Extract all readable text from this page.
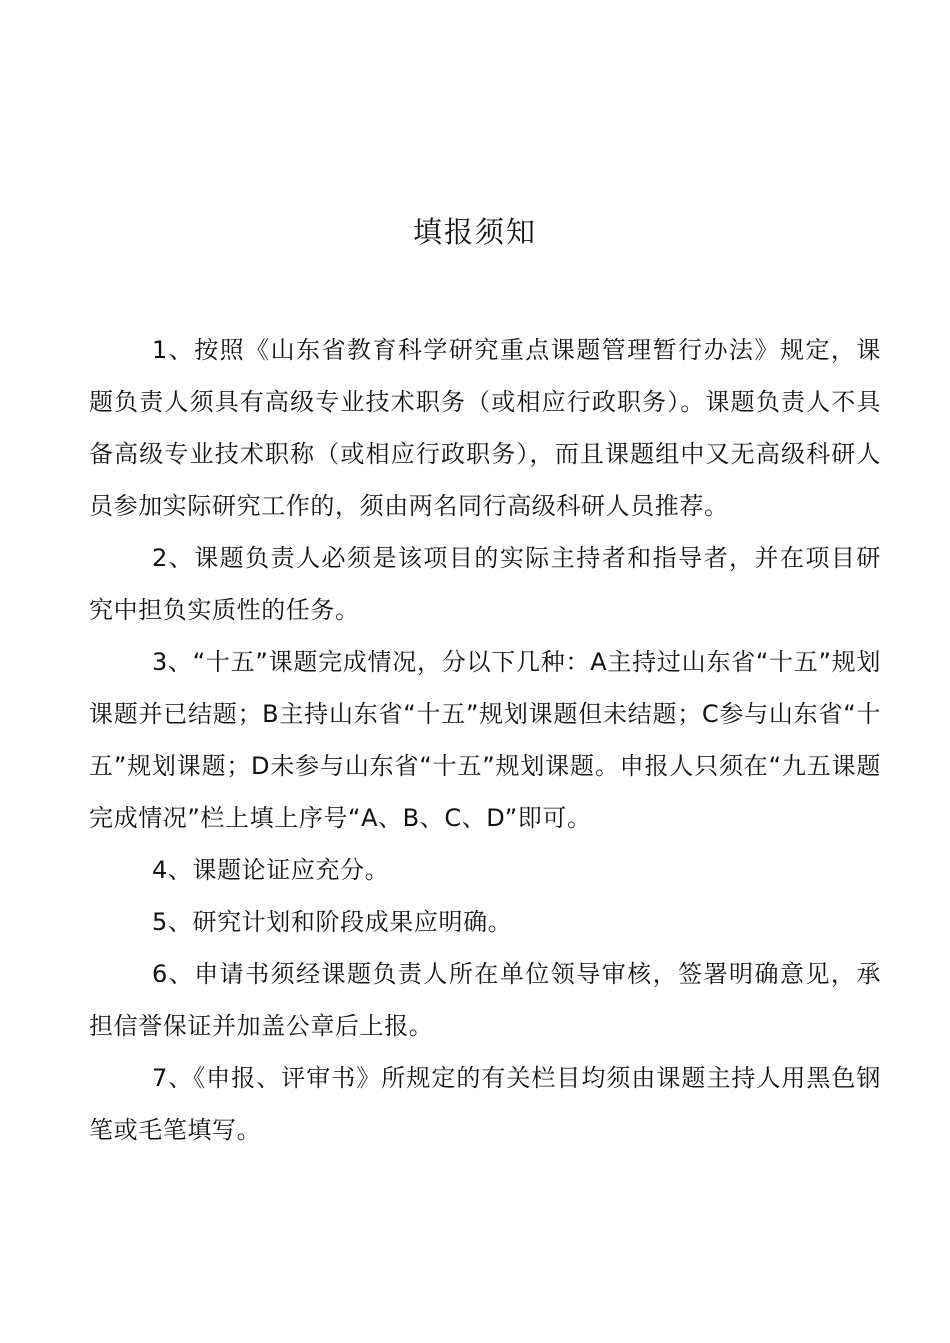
填报须知

1、按照《山东省教育科学研究重点课题管理暂行办法》规定，课题负责人须具有高级专业技术职务（或相应行政职务）。课题负责人不具备高级专业技术职称（或相应行政职务），而且课题组中又无高级科研人员参加实际研究工作的，须由两名同行高级科研人员推荐。

2、课题负责人必须是该项目的实际主持者和指导者，并在项目研究中担负实质性的任务。

3、“十五”课题完成情况，分以下几种：A主持过山东省“十五”规划课题并已结题；B主持山东省“十五”规划课题但未结题；C参与山东省“十五”规划课题；D未参与山东省“十五”规划课题。申报人只须在“九五课题完成情况”栏上填上序号“A、B、C、D”即可。

4、课题论证应充分。

5、研究计划和阶段成果应明确。

6、申请书须经课题负责人所在单位领导审核，签署明确意见，承担信誉保证并加盖公章后上报。

7、《申报、评审书》所规定的有关栏目均须由课题主持人用黑色钢笔或毛笔填写。
